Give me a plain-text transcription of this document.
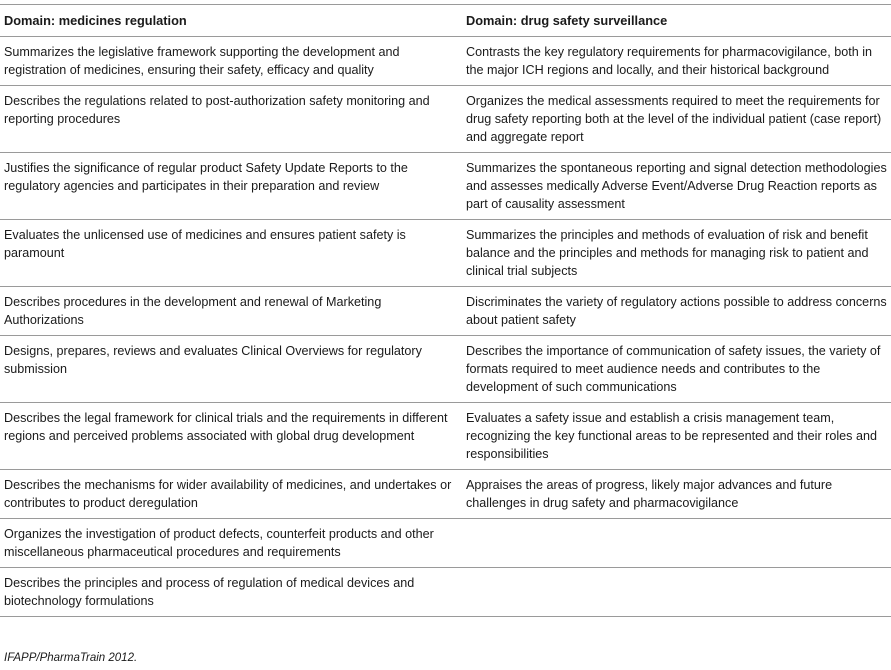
Domain: medicines regulation	Domain: drug safety surveillance
Summarizes the legislative framework supporting the development and registration of medicines, ensuring their safety, efficacy and quality	Contrasts the key regulatory requirements for pharmacovigilance, both in the major ICH regions and locally, and their historical background
Describes the regulations related to post-authorization safety monitoring and reporting procedures	Organizes the medical assessments required to meet the requirements for drug safety reporting both at the level of the individual patient (case report) and aggregate report
Justifies the significance of regular product Safety Update Reports to the regulatory agencies and participates in their preparation and review	Summarizes the spontaneous reporting and signal detection methodologies and assesses medically Adverse Event/Adverse Drug Reaction reports as part of causality assessment
Evaluates the unlicensed use of medicines and ensures patient safety is paramount	Summarizes the principles and methods of evaluation of risk and benefit balance and the principles and methods for managing risk to patient and clinical trial subjects
Describes procedures in the development and renewal of Marketing Authorizations	Discriminates the variety of regulatory actions possible to address concerns about patient safety
Designs, prepares, reviews and evaluates Clinical Overviews for regulatory submission	Describes the importance of communication of safety issues, the variety of formats required to meet audience needs and contributes to the development of such communications
Describes the legal framework for clinical trials and the requirements in different regions and perceived problems associated with global drug development	Evaluates a safety issue and establish a crisis management team, recognizing the key functional areas to be represented and their roles and responsibilities
Describes the mechanisms for wider availability of medicines, and undertakes or contributes to product deregulation	Appraises the areas of progress, likely major advances and future challenges in drug safety and pharmacovigilance
Organizes the investigation of product defects, counterfeit products and other miscellaneous pharmaceutical procedures and requirements	
Describes the principles and process of regulation of medical devices and biotechnology formulations	
IFAPP/PharmaTrain 2012.
